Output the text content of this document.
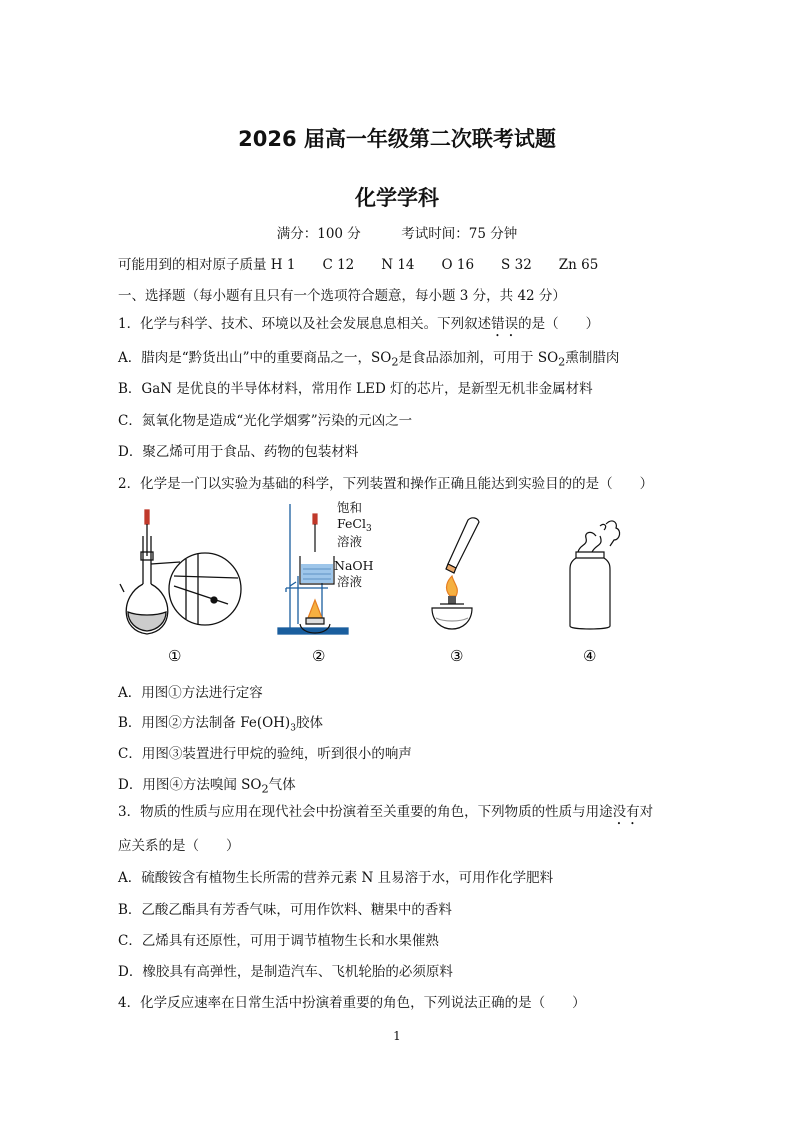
2026 届高一年级第二次联考试题
化学学科
满分：100 分　　　考试时间：75 分钟
可能用到的相对原子质量 H 1　　C 12　　N 14　　O 16　　S 32　　Zn 65
一、选择题（每小题有且只有一个选项符合题意，每小题 3 分，共 42 分）
1．化学与科学、技术、环境以及社会发展息息相关。下列叙述错误的是（　　）
A．腊肉是“黔货出山”中的重要商品之一，$SO_2$是食品添加剂，可用于 $SO_2$熏制腊肉
B．GaN 是优良的半导体材料，常用作 LED 灯的芯片，是新型无机非金属材料
C．氮氧化物是造成“光化学烟雾”污染的元凶之一
D．聚乙烯可用于食品、药物的包装材料
2．化学是一门以实验为基础的科学，下列装置和操作正确且能达到实验目的的是（　　）
饱和
FeCl$_3$
溶液
NaOH
溶液
①	②	③	④
A．用图①方法进行定容
B．用图②方法制备 $Fe(OH)_3$胶体
C．用图③装置进行甲烷的验纯，听到很小的响声
D．用图④方法嗅闻 $SO_2$气体
3．物质的性质与应用在现代社会中扮演着至关重要的角色，下列物质的性质与用途没有对
应关系的是（　　）
A．硫酸铵含有植物生长所需的营养元素 N 且易溶于水，可用作化学肥料
B．乙酸乙酯具有芳香气味，可用作饮料、糖果中的香料
C．乙烯具有还原性，可用于调节植物生长和水果催熟
D．橡胶具有高弹性，是制造汽车、飞机轮胎的必须原料
4．化学反应速率在日常生活中扮演着重要的角色，下列说法正确的是（　　）
1
